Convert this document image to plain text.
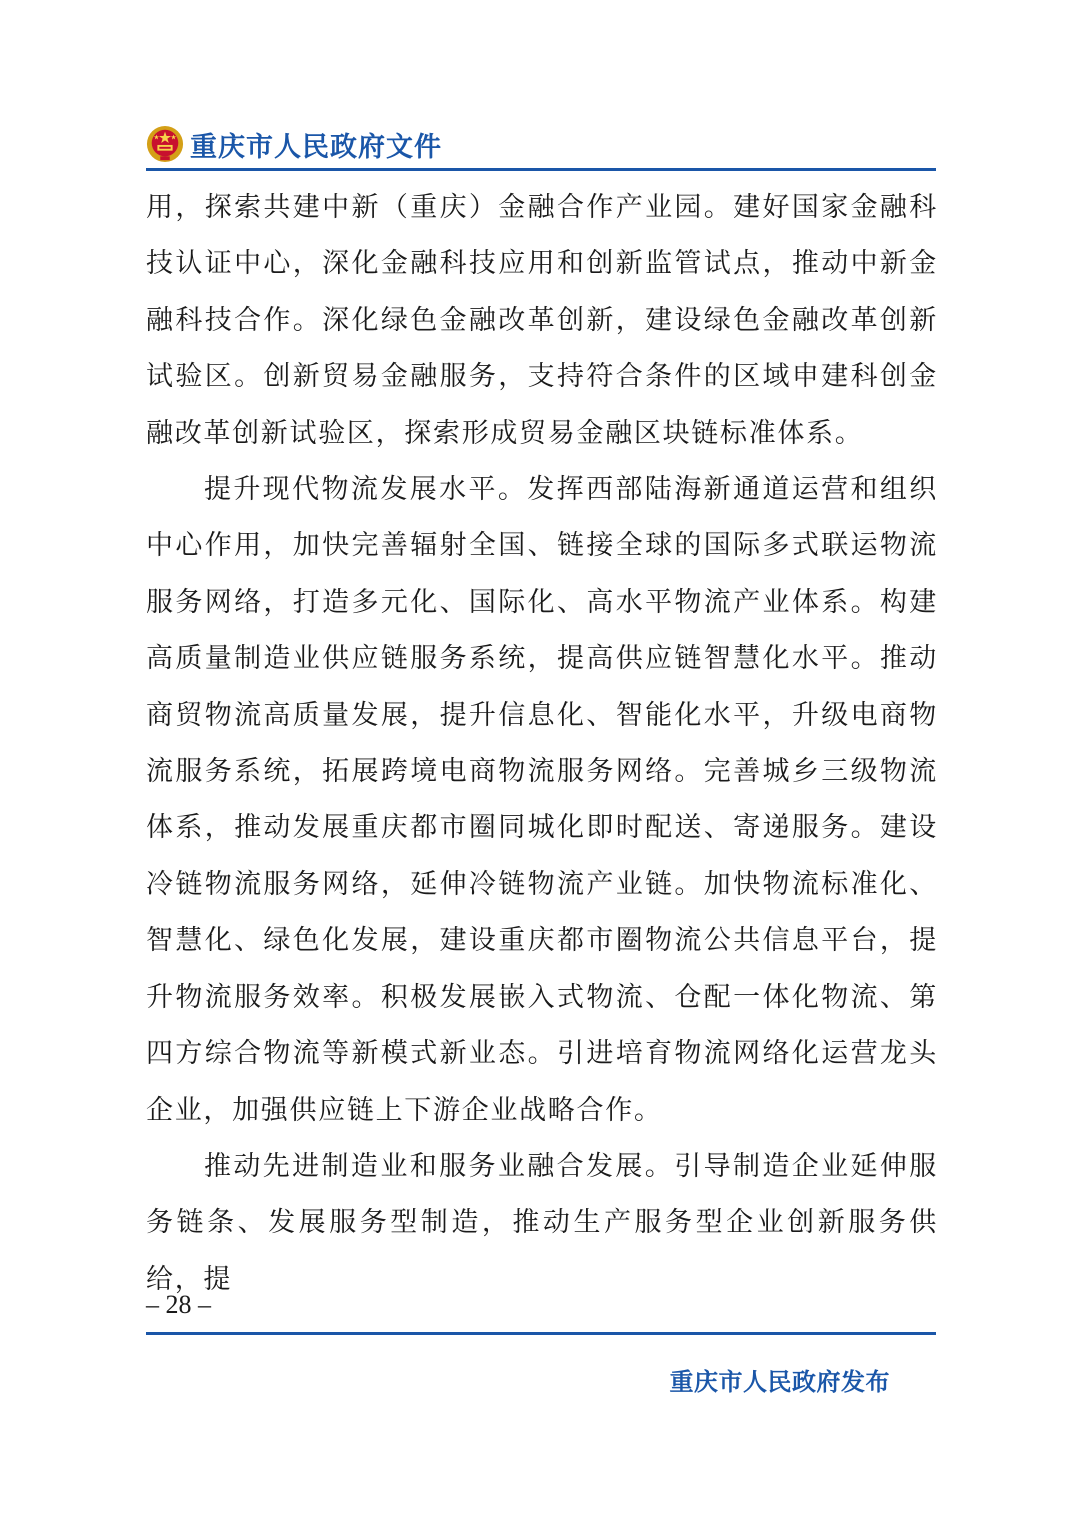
重庆市人民政府文件

用，探索共建中新（重庆）金融合作产业园。建好国家金融科技认证中心，深化金融科技应用和创新监管试点，推动中新金融科技合作。深化绿色金融改革创新，建设绿色金融改革创新试验区。创新贸易金融服务，支持符合条件的区域申建科创金融改革创新试验区，探索形成贸易金融区块链标准体系。

提升现代物流发展水平。发挥西部陆海新通道运营和组织中心作用，加快完善辐射全国、链接全球的国际多式联运物流服务网络，打造多元化、国际化、高水平物流产业体系。构建高质量制造业供应链服务系统，提高供应链智慧化水平。推动商贸物流高质量发展，提升信息化、智能化水平，升级电商物流服务系统，拓展跨境电商物流服务网络。完善城乡三级物流体系，推动发展重庆都市圈同城化即时配送、寄递服务。建设冷链物流服务网络，延伸冷链物流产业链。加快物流标准化、智慧化、绿色化发展，建设重庆都市圈物流公共信息平台，提升物流服务效率。积极发展嵌入式物流、仓配一体化物流、第四方综合物流等新模式新业态。引进培育物流网络化运营龙头企业，加强供应链上下游企业战略合作。

推动先进制造业和服务业融合发展。引导制造企业延伸服务链条、发展服务型制造，推动生产服务型企业创新服务供给，提

– 28 –
重庆市人民政府发布
